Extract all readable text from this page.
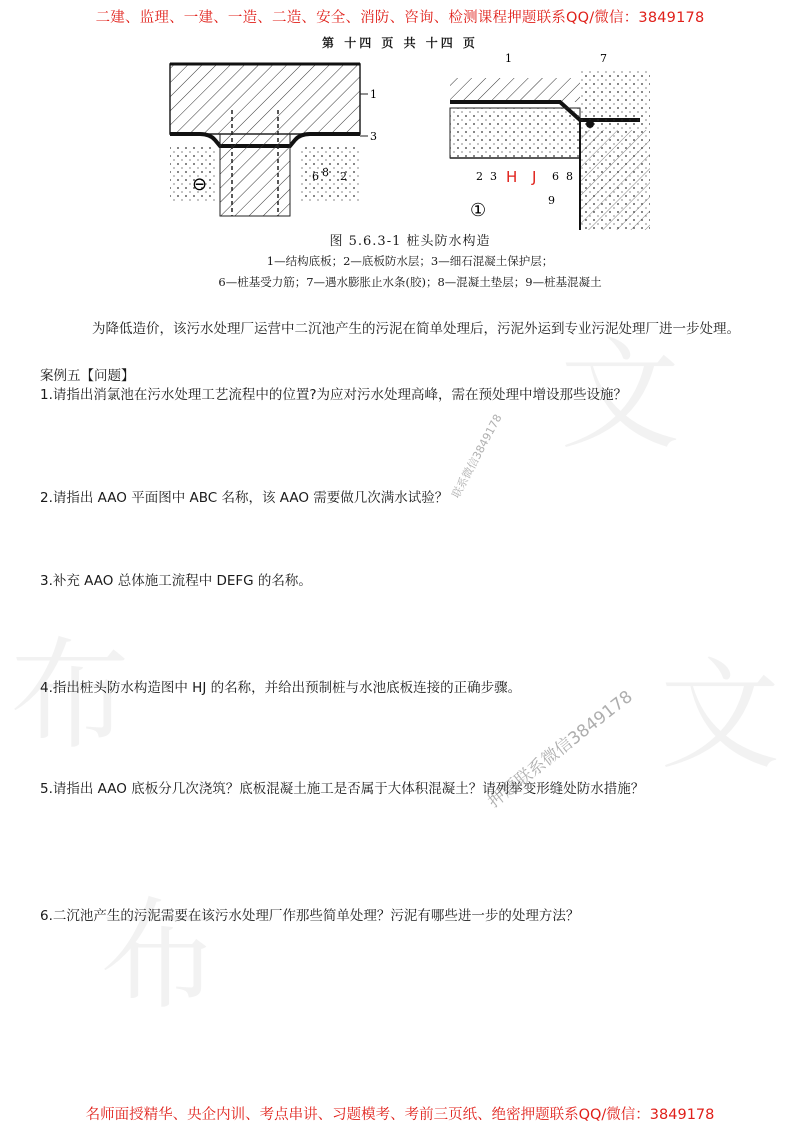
文
布	文
布
二建、监理、一建、一造、二造、安全、消防、咨询、检测课程押题联系QQ/微信：3849178
第 十四 页 共 十四 页
1
3
6 8 2
⊖
1	7
2 3 H J 6 8
9
①
图 5.6.3-1 桩头防水构造
1—结构底板；2—底板防水层；3—细石混凝土保护层；
6—桩基受力筋；7—遇水膨胀止水条(胶)；8—混凝土垫层；9—桩基混凝土
为降低造价，该污水处理厂运营中二沉池产生的污泥在简单处理后，污泥外运到专业污泥处理厂进一步处理。
案例五【问题】
1.请指出消氯池在污水处理工艺流程中的位置?为应对污水处理高峰，需在预处理中增设那些设施？
2.请指出 AAO 平面图中 ABC 名称，该 AAO 需要做几次满水试验？
3.补充 AAO 总体施工流程中 DEFG 的名称。
4.指出桩头防水构造图中 HJ 的名称，并给出预制桩与水池底板连接的正确步骤。
5.请指出 AAO 底板分几次浇筑？底板混凝土施工是否属于大体积混凝土？请列举变形缝处防水措施？
6.二沉池产生的污泥需要在该污水处理厂作那些简单处理？污泥有哪些进一步的处理方法？
联系微信3849178
押题联系微信3849178
名师面授精华、央企内训、考点串讲、习题模考、考前三页纸、绝密押题联系QQ/微信：3849178
